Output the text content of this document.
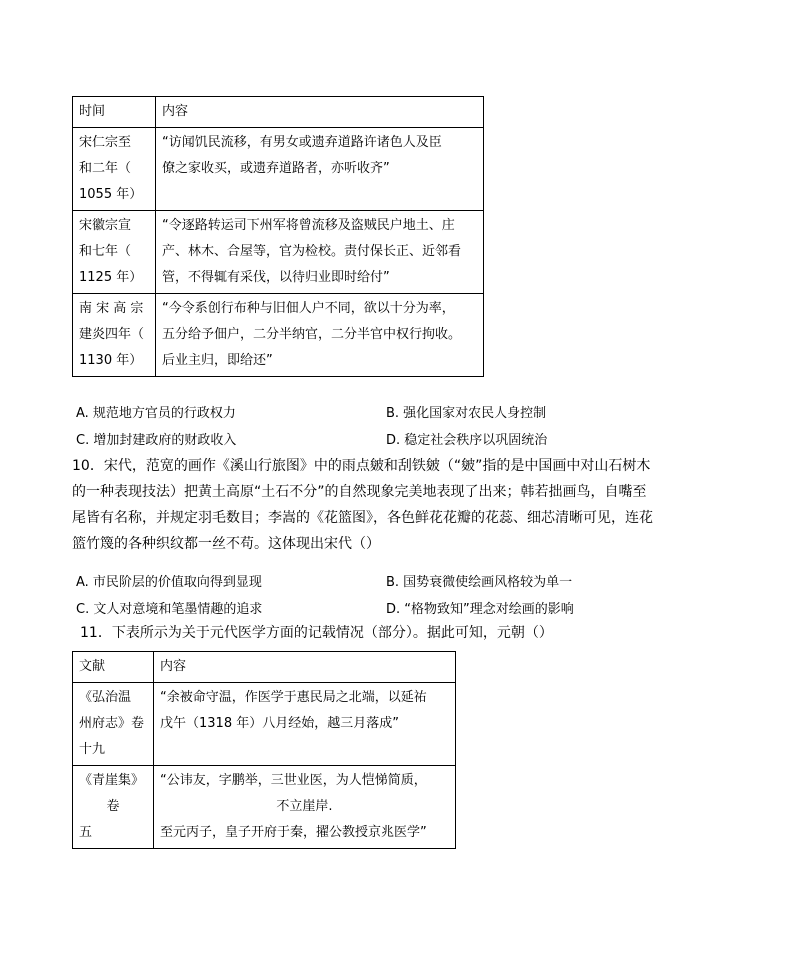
时间	内容

宋仁宗至
和二年（
1055 年）	“访闻饥民流移，有男女或遗弃道路许诸色人及臣
僚之家收买，或遗弃道路者，亦听收齐”

宋徽宗宣
和七年（
1125 年）	“令逐路转运司下州军将曾流移及盗贼民户地土、庄
产、林木、合屋等，官为检校。责付保长正、近邻看
管，不得辄有采伐，以待归业即时给付”

南 宋 高 宗
建炎四年（
1130 年）	“今令系创行布种与旧佃人户不同，欲以十分为率，
五分给予佃户，二分半纳官，二分半官中权行拘收。
后业主归，即给还”
A. 规范地方官员的行政权力	B. 强化国家对农民人身控制
C. 增加封建政府的财政收入	D. 稳定社会秩序以巩固统治
10．宋代，范宽的画作《溪山行旅图》中的雨点皴和刮铁皴（“皴”指的是中国画中对山石树木
的一种表现技法）把黄土高原“土石不分”的自然现象完美地表现了出来；韩若拙画鸟，自嘴至
尾皆有名称，并规定羽毛数目；李嵩的《花篮图》，各色鲜花花瓣的花蕊、细芯清晰可见，连花
篮竹篾的各种织纹都一丝不苟。这体现出宋代（）
A. 市民阶层的价值取向得到显现	B. 国势衰微使绘画风格较为单一
C. 文人对意境和笔墨情趣的追求	D. “格物致知”理念对绘画的影响
11．下表所示为关于元代医学方面的记载情况（部分）。据此可知，元朝（）
文献	内容

《弘治温
州府志》卷
十九	“余被命守温，作医学于惠民局之北端，以延祐
戊午（1318 年）八月经始，越三月落成”

《青崖集》
卷
五	“公讳友，字鹏举，三世业医，为人恺悌简质，
不立崖岸.
至元丙子，皇子开府于秦，擢公教授京兆医学”
